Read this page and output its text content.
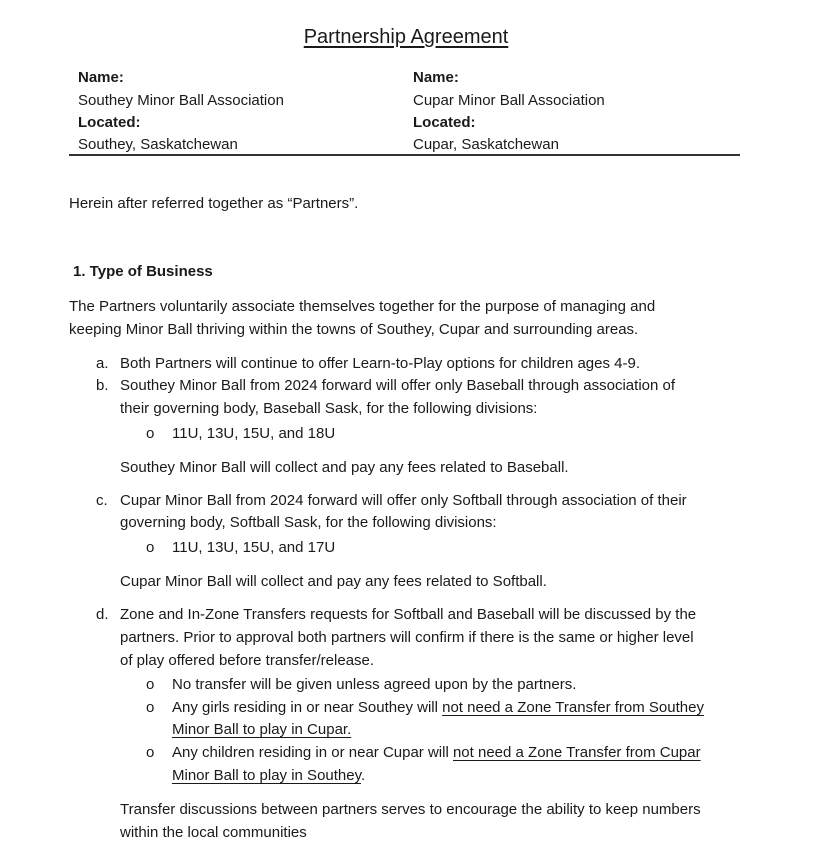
Partnership Agreement
Name:
Southey Minor Ball Association
Located:
Southey, Saskatchewan
Name:
Cupar Minor Ball Association
Located:
Cupar, Saskatchewan
Herein after referred together as “Partners”.
1. Type of Business
The Partners voluntarily associate themselves together for the purpose of managing and
keeping Minor Ball thriving within the towns of Southey, Cupar and surrounding areas.
a. Both Partners will continue to offer Learn-to-Play options for children ages 4-9.
b. Southey Minor Ball from 2024 forward will offer only Baseball through association of
their governing body, Baseball Sask, for the following divisions:
o 11U, 13U, 15U, and 18U
Southey Minor Ball will collect and pay any fees related to Baseball.
c. Cupar Minor Ball from 2024 forward will offer only Softball through association of their
governing body, Softball Sask, for the following divisions:
o 11U, 13U, 15U, and 17U
Cupar Minor Ball will collect and pay any fees related to Softball.
d. Zone and In-Zone Transfers requests for Softball and Baseball will be discussed by the
partners. Prior to approval both partners will confirm if there is the same or higher level
of play offered before transfer/release.
o No transfer will be given unless agreed upon by the partners.
o Any girls residing in or near Southey will not need a Zone Transfer from Southey
Minor Ball to play in Cupar.
o Any children residing in or near Cupar will not need a Zone Transfer from Cupar
Minor Ball to play in Southey.
Transfer discussions between partners serves to encourage the ability to keep numbers
within the local communities
